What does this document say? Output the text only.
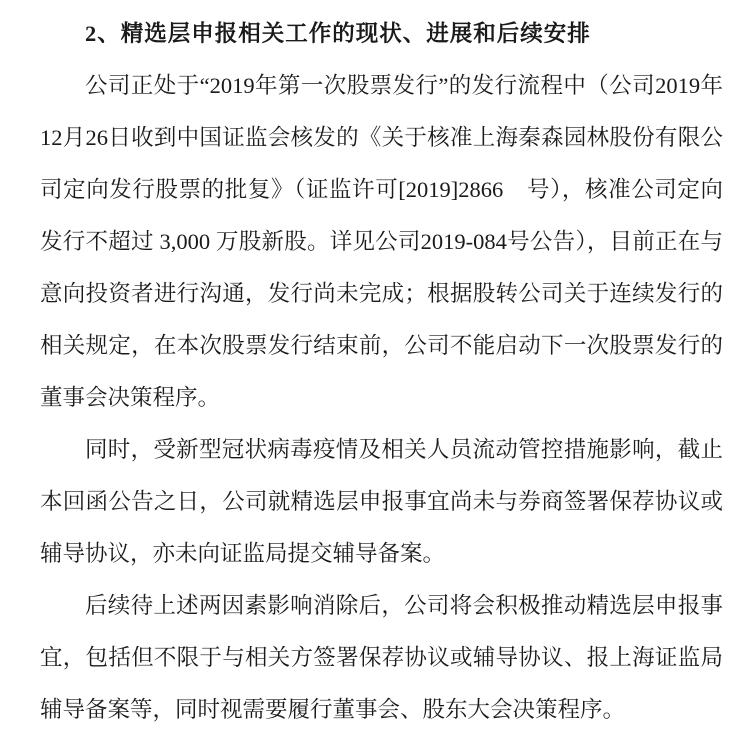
2、精选层申报相关工作的现状、进展和后续安排

公司正处于“2019年第一次股票发行”的发行流程中（公司2019年12月26日收到中国证监会核发的《关于核准上海秦森园林股份有限公司定向发行股票的批复》（证监许可[2019]2866　号），核准公司定向发行不超过 3,000 万股新股。详见公司2019-084号公告），目前正在与意向投资者进行沟通，发行尚未完成；根据股转公司关于连续发行的相关规定，在本次股票发行结束前，公司不能启动下一次股票发行的董事会决策程序。

同时，受新型冠状病毒疫情及相关人员流动管控措施影响，截止本回函公告之日，公司就精选层申报事宜尚未与券商签署保荐协议或辅导协议，亦未向证监局提交辅导备案。

后续待上述两因素影响消除后，公司将会积极推动精选层申报事宜，包括但不限于与相关方签署保荐协议或辅导协议、报上海证监局辅导备案等，同时视需要履行董事会、股东大会决策程序。
